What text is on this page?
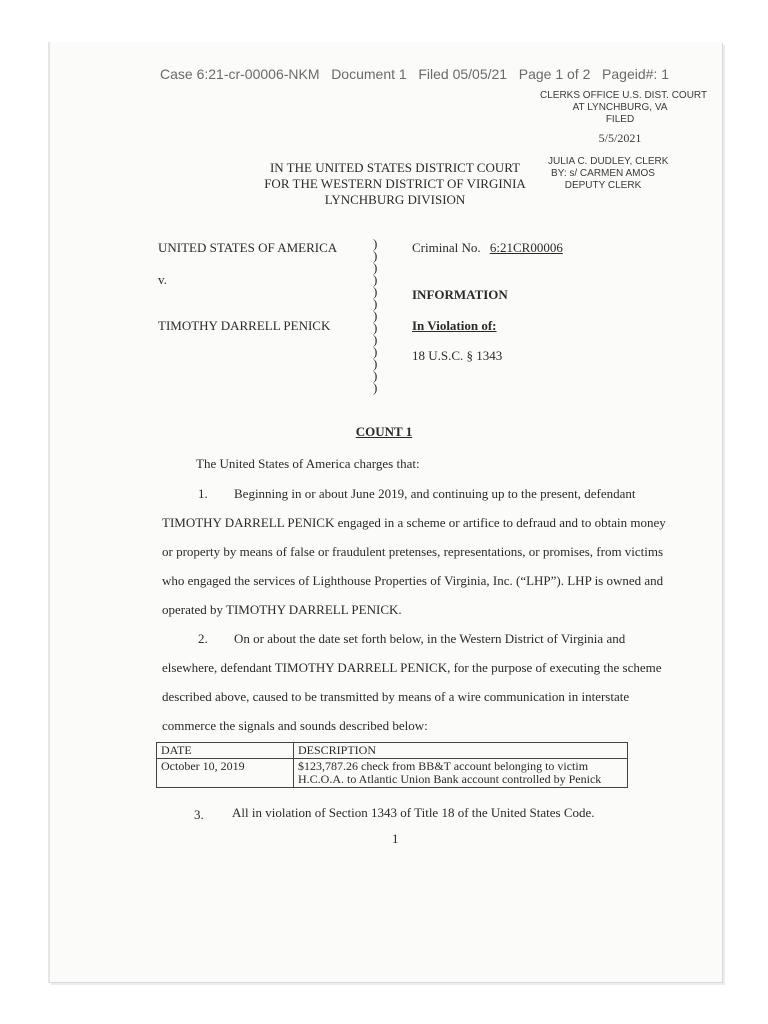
Case 6:21-cr-00006-NKM Document 1 Filed 05/05/21 Page 1 of 2 Pageid#: 1
CLERKS OFFICE U.S. DIST. COURT
AT LYNCHBURG, VA
FILED
5/5/2021
JULIA C. DUDLEY, CLERK
BY: s/ CARMEN AMOS
DEPUTY CLERK
IN THE UNITED STATES DISTRICT COURT
FOR THE WESTERN DISTRICT OF VIRGINIA
LYNCHBURG DIVISION
UNITED STATES OF AMERICA
v.
TIMOTHY DARRELL PENICK
)
)
)
)
)
)
)
)
)
)
)
)
)
Criminal No. 6:21CR00006
INFORMATION
In Violation of:
18 U.S.C. § 1343
COUNT 1
The United States of America charges that:
1. Beginning in or about June 2019, and continuing up to the present, defendant
TIMOTHY DARRELL PENICK engaged in a scheme or artifice to defraud and to obtain money
or property by means of false or fraudulent pretenses, representations, or promises, from victims
who engaged the services of Lighthouse Properties of Virginia, Inc. (“LHP”). LHP is owned and
operated by TIMOTHY DARRELL PENICK.
2. On or about the date set forth below, in the Western District of Virginia and
elsewhere, defendant TIMOTHY DARRELL PENICK, for the purpose of executing the scheme
described above, caused to be transmitted by means of a wire communication in interstate
commerce the signals and sounds described below:
DATE	DESCRIPTION
October 10, 2019	$123,787.26 check from BB&T account belonging to victim
H.C.O.A. to Atlantic Union Bank account controlled by Penick
3. All in violation of Section 1343 of Title 18 of the United States Code.
1
